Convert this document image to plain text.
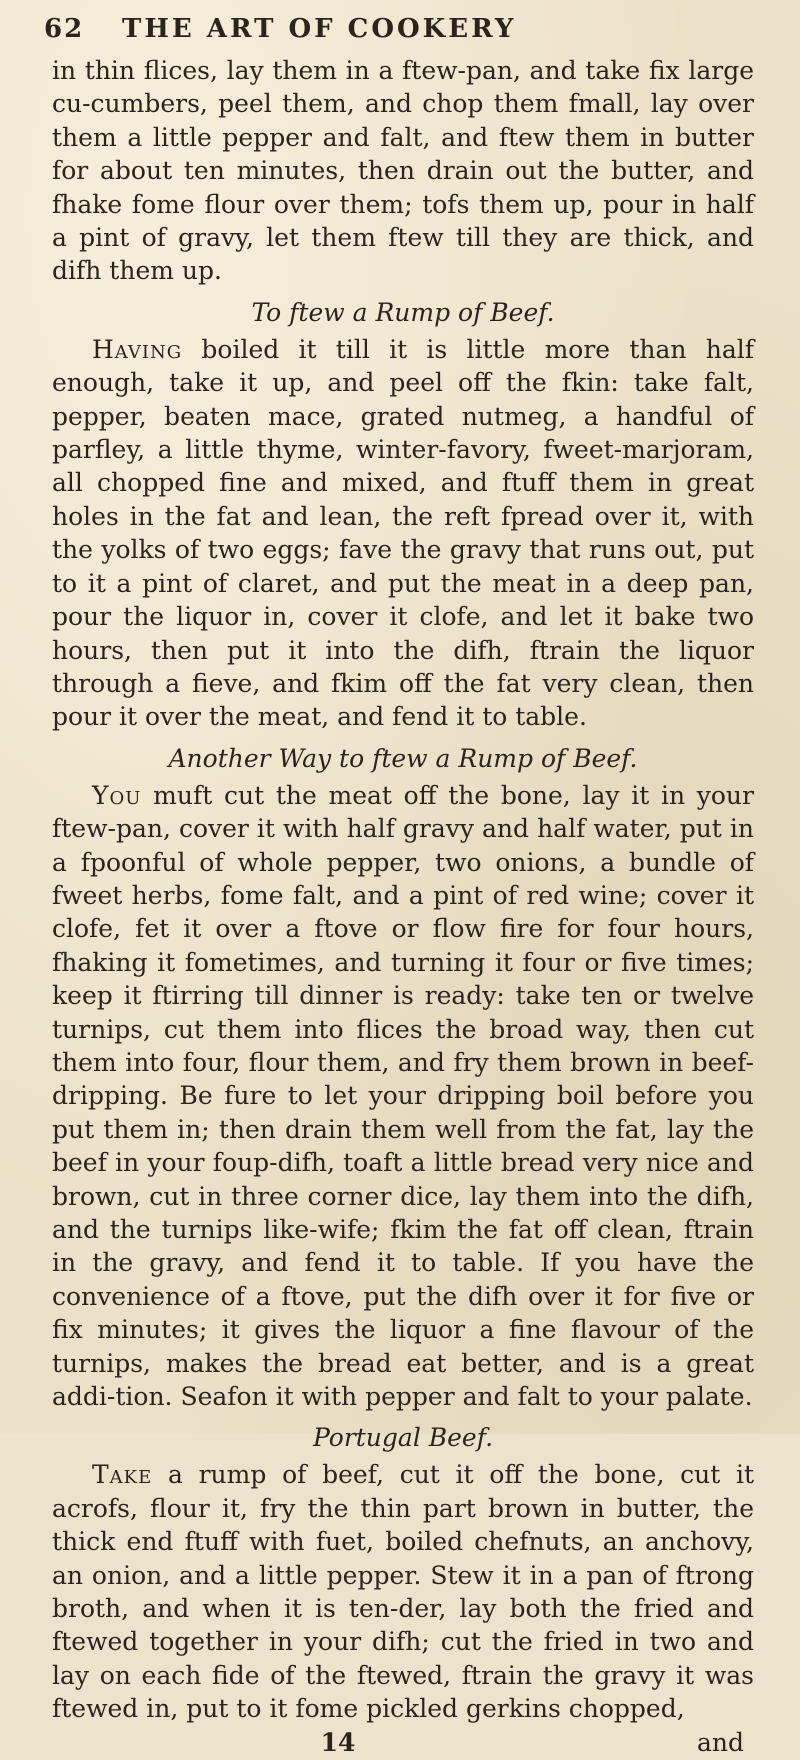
62	THE ART OF COOKERY

in thin flices, lay them in a ftew-pan, and take fix large cu-cumbers, peel them, and chop them fmall, lay over them a little pepper and falt, and ftew them in butter for about ten minutes, then drain out the butter, and fhake fome flour over them; tofs them up, pour in half a pint of gravy, let them ftew till they are thick, and difh them up.

To ftew a Rump of Beef.

Having boiled it till it is little more than half enough, take it up, and peel off the fkin: take falt, pepper, beaten mace, grated nutmeg, a handful of parfley, a little thyme, winter-favory, fweet-marjoram, all chopped fine and mixed, and ftuff them in great holes in the fat and lean, the reft fpread over it, with the yolks of two eggs; fave the gravy that runs out, put to it a pint of claret, and put the meat in a deep pan, pour the liquor in, cover it clofe, and let it bake two hours, then put it into the difh, ftrain the liquor through a fieve, and fkim off the fat very clean, then pour it over the meat, and fend it to table.

Another Way to ftew a Rump of Beef.

You muft cut the meat off the bone, lay it in your ftew-pan, cover it with half gravy and half water, put in a fpoonful of whole pepper, two onions, a bundle of fweet herbs, fome falt, and a pint of red wine; cover it clofe, fet it over a ftove or flow fire for four hours, fhaking it fometimes, and turning it four or five times; keep it ftirring till dinner is ready: take ten or twelve turnips, cut them into flices the broad way, then cut them into four, flour them, and fry them brown in beef-dripping. Be fure to let your dripping boil before you put them in; then drain them well from the fat, lay the beef in your foup-difh, toaft a little bread very nice and brown, cut in three corner dice, lay them into the difh, and the turnips like-wife; fkim the fat off clean, ftrain in the gravy, and fend it to table. If you have the convenience of a ftove, put the difh over it for five or fix minutes; it gives the liquor a fine flavour of the turnips, makes the bread eat better, and is a great addi-tion. Seafon it with pepper and falt to your palate.

Portugal Beef.

Take a rump of beef, cut it off the bone, cut it acrofs, flour it, fry the thin part brown in butter, the thick end ftuff with fuet, boiled chefnuts, an anchovy, an onion, and a little pepper. Stew it in a pan of ftrong broth, and when it is ten-der, lay both the fried and ftewed together in your difh; cut the fried in two and lay on each fide of the ftewed, ftrain the gravy it was ftewed in, put to it fome pickled gerkins chopped,

14	and
